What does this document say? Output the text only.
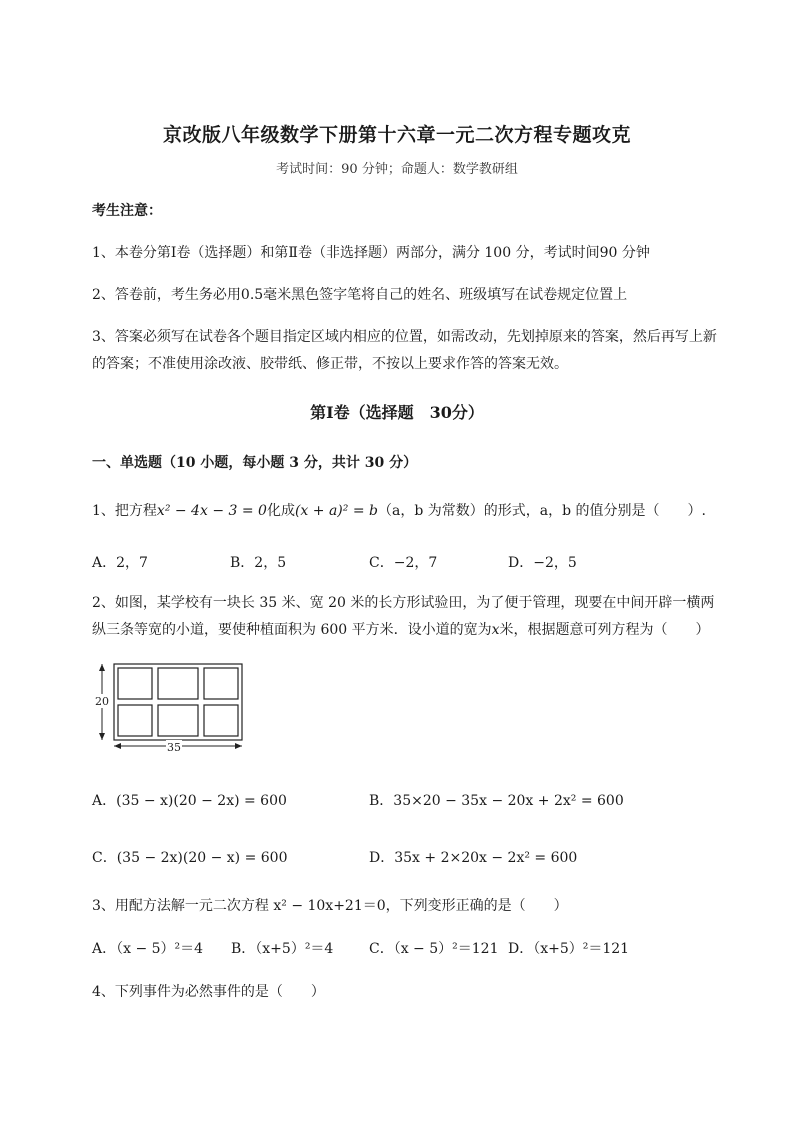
京改版八年级数学下册第十六章一元二次方程专题攻克
考试时间：90 分钟；命题人：数学教研组
考生注意：
1、本卷分第Ⅰ卷（选择题）和第Ⅱ卷（非选择题）两部分，满分 100 分，考试时间90 分钟
2、答卷前，考生务必用0.5毫米黑色签字笔将自己的姓名、班级填写在试卷规定位置上
3、答案必须写在试卷各个题目指定区域内相应的位置，如需改动，先划掉原来的答案，然后再写上新
的答案；不准使用涂改液、胶带纸、修正带，不按以上要求作答的答案无效。
第Ⅰ卷（选择题　30分）
一、单选题（10 小题，每小题 3 分，共计 30 分）
1、把方程x² − 4x − 3 = 0化成(x + a)² = b（a，b 为常数）的形式，a，b 的值分别是（　　）.
A．2，7	B．2，5	C．−2，7	D．−2，5
2、如图，某学校有一块长 35 米、宽 20 米的长方形试验田，为了便于管理，现要在中间开辟一横两
纵三条等宽的小道，要使种植面积为 600 平方米．设小道的宽为x米，根据题意可列方程为（　　）
20
35
A．(35 − x)(20 − 2x) = 600	B．35×20 − 35x − 20x + 2x² = 600
C．(35 − 2x)(20 − x) = 600	D．35x + 2×20x − 2x² = 600
3、用配方法解一元二次方程 x² − 10x+21＝0，下列变形正确的是（　　）
A．（x − 5）²＝4 B．（x+5）²＝4	C．（x − 5）²＝121 D．（x+5）²＝121
4、下列事件为必然事件的是（　　）
